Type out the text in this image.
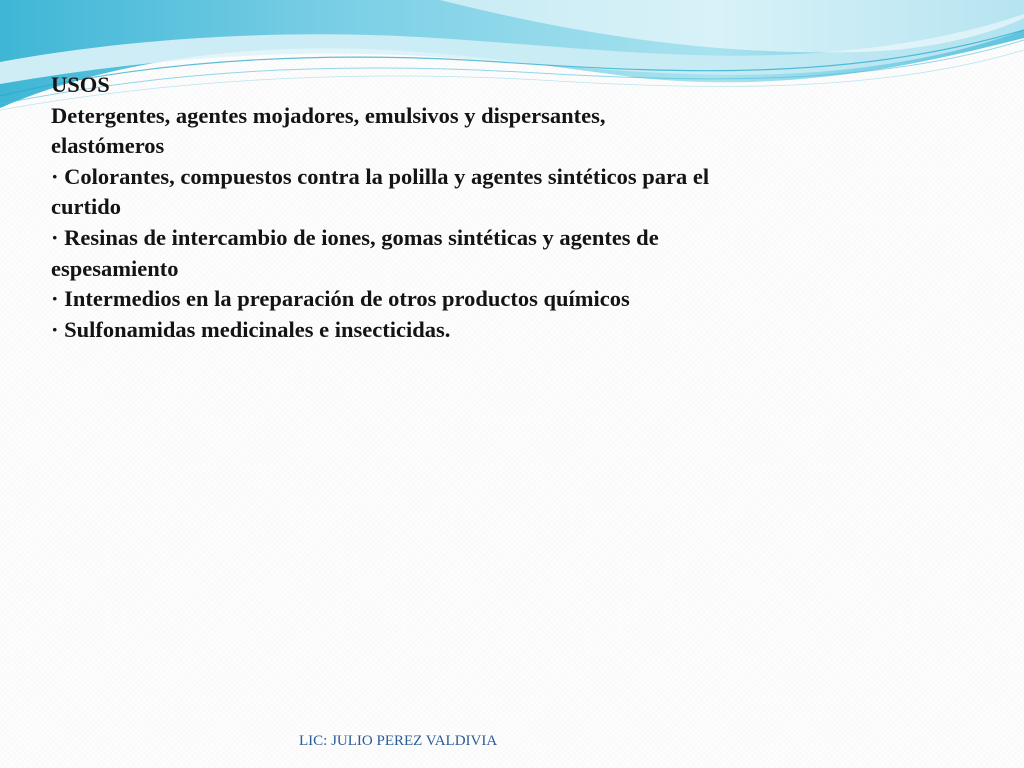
USOS
Detergentes, agentes mojadores, emulsivos y dispersantes,
elastómeros
· Colorantes, compuestos contra la polilla y agentes sintéticos para el
curtido
· Resinas de intercambio de iones, gomas sintéticas y agentes de
espesamiento
· Intermedios en la preparación de otros productos químicos
· Sulfonamidas medicinales e insecticidas.
LIC: JULIO PEREZ VALDIVIA
